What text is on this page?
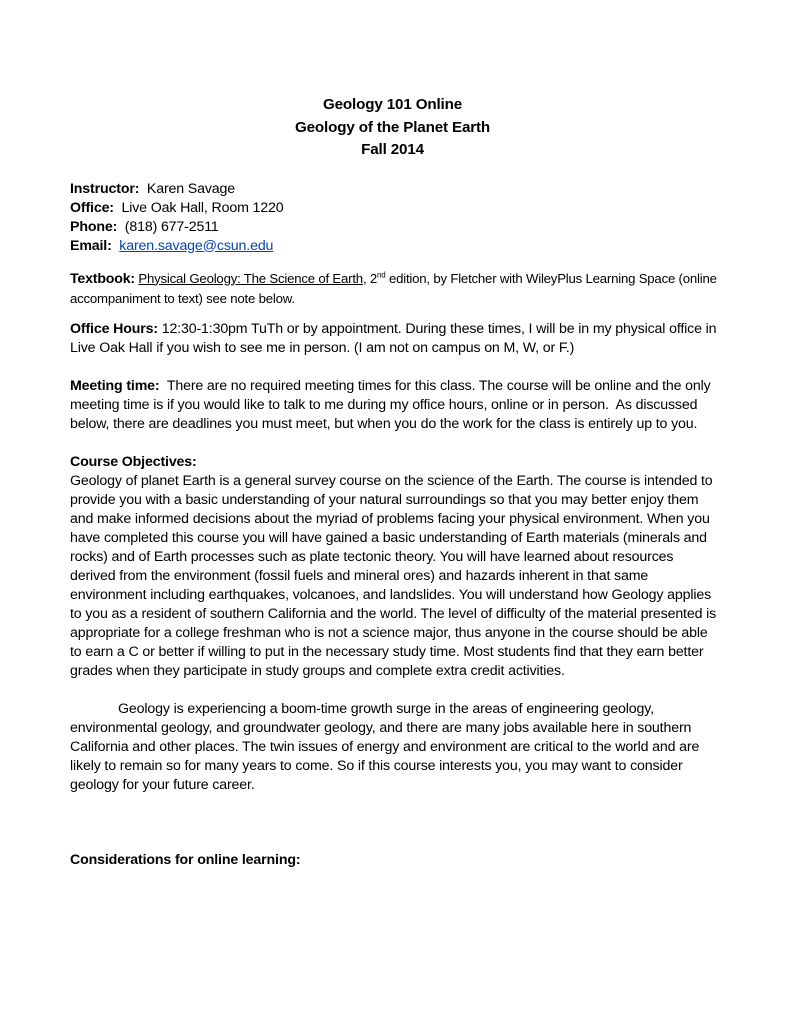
Geology 101 Online
Geology of the Planet Earth
Fall 2014
Instructor: Karen Savage
Office: Live Oak Hall, Room 1220
Phone: (818) 677-2511
Email: karen.savage@csun.edu
Textbook: Physical Geology: The Science of Earth, 2nd edition, by Fletcher with WileyPlus Learning Space (online accompaniment to text) see note below.
Office Hours: 12:30-1:30pm TuTh or by appointment. During these times, I will be in my physical office in Live Oak Hall if you wish to see me in person. (I am not on campus on M, W, or F.)
Meeting time:  There are no required meeting times for this class. The course will be online and the only meeting time is if you would like to talk to me during my office hours, online or in person.  As discussed below, there are deadlines you must meet, but when you do the work for the class is entirely up to you.
Course Objectives:
Geology of planet Earth is a general survey course on the science of the Earth. The course is intended to provide you with a basic understanding of your natural surroundings so that you may better enjoy them and make informed decisions about the myriad of problems facing your physical environment. When you have completed this course you will have gained a basic understanding of Earth materials (minerals and rocks) and of Earth processes such as plate tectonic theory. You will have learned about resources derived from the environment (fossil fuels and mineral ores) and hazards inherent in that same environment including earthquakes, volcanoes, and landslides. You will understand how Geology applies to you as a resident of southern California and the world. The level of difficulty of the material presented is appropriate for a college freshman who is not a science major, thus anyone in the course should be able to earn a C or better if willing to put in the necessary study time. Most students find that they earn better grades when they participate in study groups and complete extra credit activities.
Geology is experiencing a boom-time growth surge in the areas of engineering geology, environmental geology, and groundwater geology, and there are many jobs available here in southern California and other places. The twin issues of energy and environment are critical to the world and are likely to remain so for many years to come. So if this course interests you, you may want to consider geology for your future career.
Considerations for online learning:
